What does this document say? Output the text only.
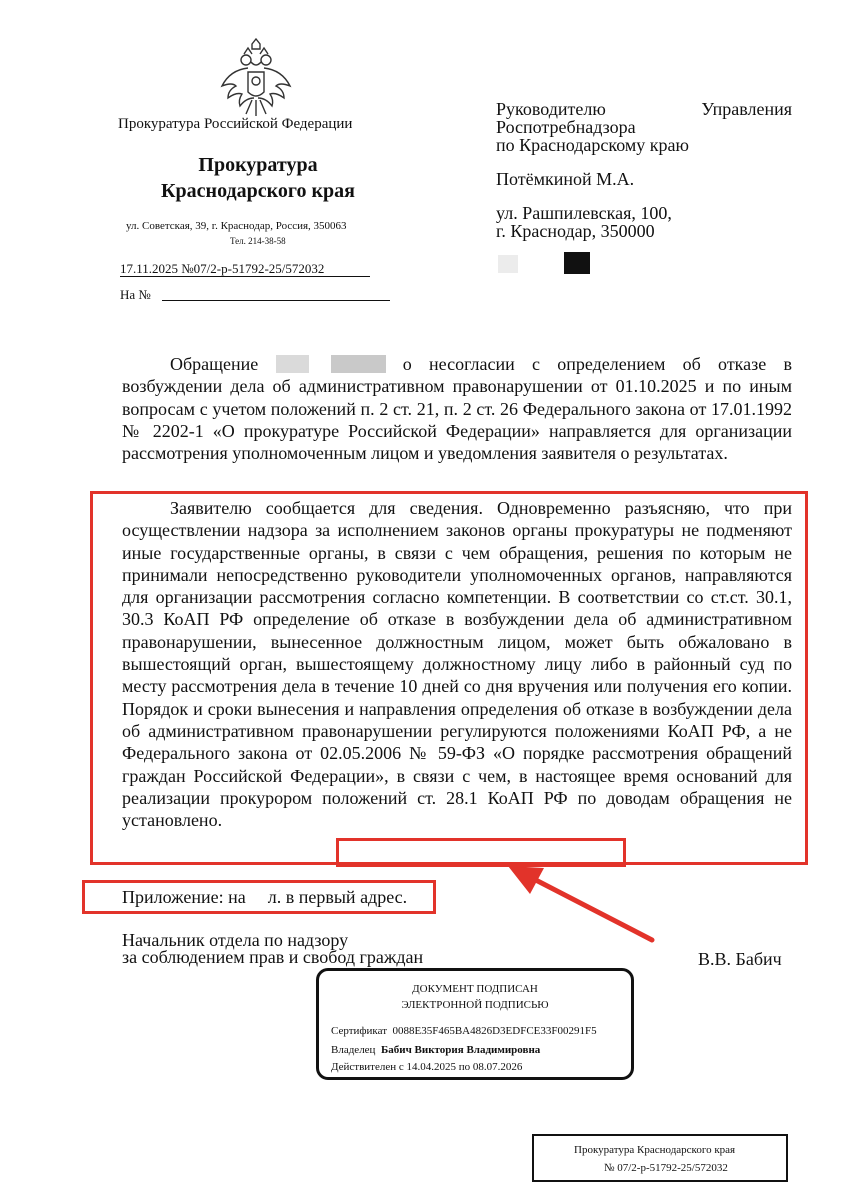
Прокуратура Российской Федерации
Прокуратура
Краснодарского края
ул. Советская, 39, г. Краснодар, Россия, 350063
Тел. 214-38-58
17.11.2025 №07/2-р-51792-25/572032
На №
Руководителю Управления
Роспотребнадзора
по Краснодарскому краю
Потёмкиной М.А.
ул. Рашпилевская, 100,
г. Краснодар, 350000
Обращение	о несогласии с определением об отказе в возбуждении дела об административном правонарушении от 01.10.2025 и по иным вопросам с учетом положений п. 2 ст. 21, п. 2 ст. 26 Федерального закона от 17.01.1992 № 2202-1 «О прокуратуре Российской Федерации» направляется для организации рассмотрения уполномоченным лицом и уведомления заявителя о результатах.
Заявителю сообщается для сведения. Одновременно разъясняю, что при осуществлении надзора за исполнением законов органы прокуратуры не подменяют иные государственные органы, в связи с чем обращения, решения по которым не принимали непосредственно руководители уполномоченных органов, направляются для организации рассмотрения согласно компетенции. В соответствии со ст.ст. 30.1, 30.3 КоАП РФ определение об отказе в возбуждении дела об административном правонарушении, вынесенное должностным лицом, может быть обжаловано в вышестоящий орган, вышестоящему должностному лицу либо в районный суд по месту рассмотрения дела в течение 10 дней со дня вручения или получения его копии. Порядок и сроки вынесения и направления определения об отказе в возбуждении дела об административном правонарушении регулируются положениями КоАП РФ, а не Федерального закона от 02.05.2006 № 59-ФЗ «О порядке рассмотрения обращений граждан Российской Федерации», в связи с чем, в настоящее время оснований для реализации прокурором положений ст. 28.1 КоАП РФ по доводам обращения не установлено.
Приложение: на л. в первый адрес.
Начальник отдела по надзору
за соблюдением прав и свобод граждан	В.В. Бабич
ДОКУМЕНТ ПОДПИСАН
ЭЛЕКТРОННОЙ ПОДПИСЬЮ
Сертификат 0088E35F465BA4826D3EDFCE33F00291F5
Владелец Бабич Виктория Владимировна
Действителен с 14.04.2025 по 08.07.2026
Прокуратура Краснодарского края
№ 07/2-р-51792-25/572032
